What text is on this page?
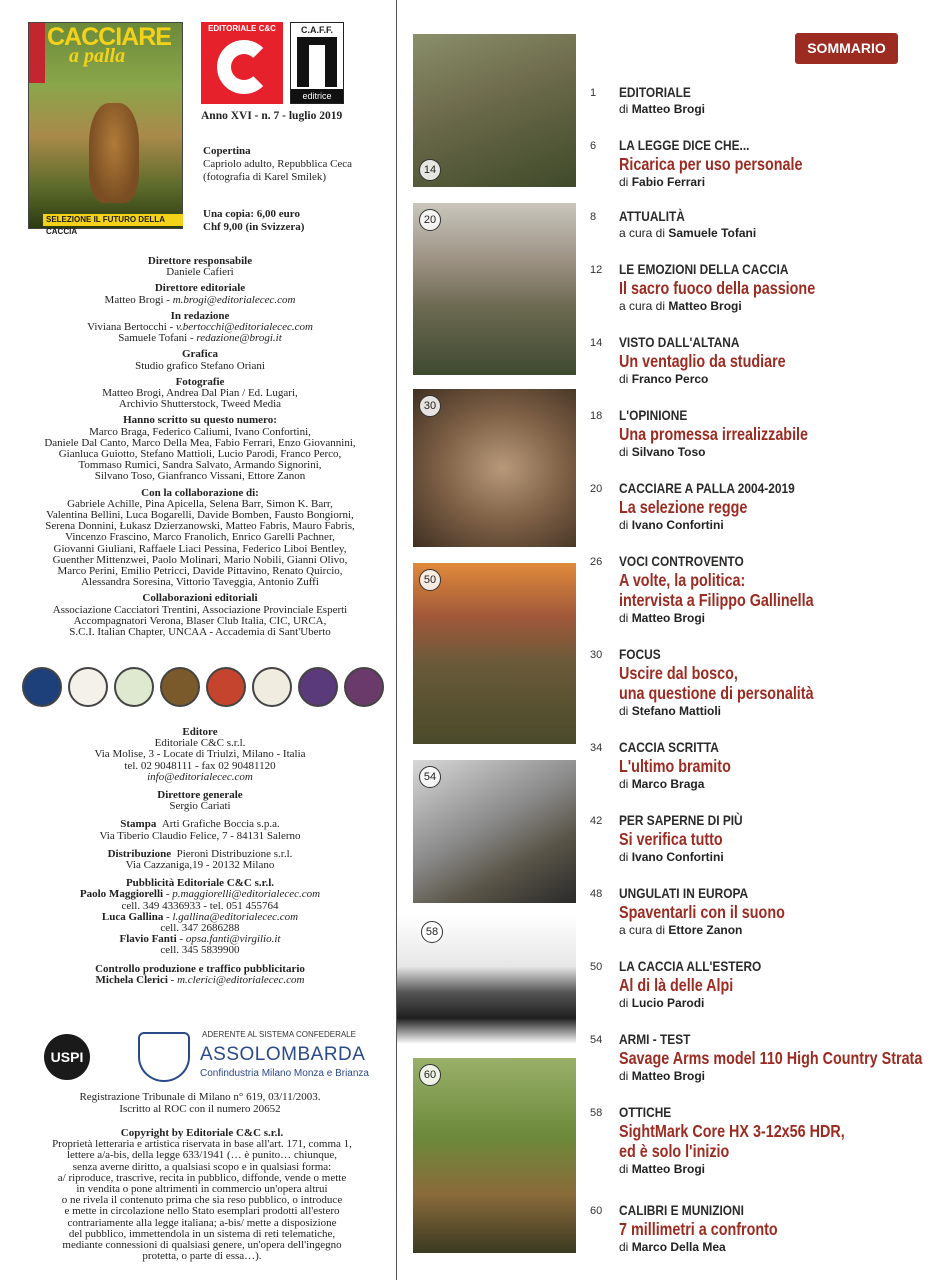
CACCIARE
a palla
SELEZIONE IL FUTURO DELLA CACCIA
EDITORIALE C&C	C.A.F.F.
editrice
Anno XVI - n. 7 - luglio 2019
Copertina
Capriolo adulto, Repubblica Ceca
(fotografia di Karel Smilek)
Una copia: 6,00 euro
Chf 9,00 (in Svizzera)
Direttore responsabile
Daniele Cafieri
Direttore editoriale
Matteo Brogi - m.brogi@editorialecec.com
In redazione
Viviana Bertocchi - v.bertocchi@editorialecec.com
Samuele Tofani - redazione@brogi.it
Grafica
Studio grafico Stefano Oriani
Fotografie
Matteo Brogi, Andrea Dal Pian / Ed. Lugari,
Archivio Shutterstock, Tweed Media
Hanno scritto su questo numero:
Marco Braga, Federico Caliumi, Ivano Confortini,
Daniele Dal Canto, Marco Della Mea, Fabio Ferrari, Enzo Giovannini,
Gianluca Guiotto, Stefano Mattioli, Lucio Parodi, Franco Perco,
Tommaso Rumici, Sandra Salvato, Armando Signorini,
Silvano Toso, Gianfranco Vissani, Ettore Zanon
Con la collaborazione di:
Gabriele Achille, Pina Apicella, Selena Barr, Simon K. Barr,
Valentina Bellini, Luca Bogarelli, Davide Bomben, Fausto Bongiorni,
Serena Donnini, Łukasz Dzierzanowski, Matteo Fabris, Mauro Fabris,
Vincenzo Frascino, Marco Franolich, Enrico Garelli Pachner,
Giovanni Giuliani, Raffaele Liaci Pessina, Federico Liboi Bentley,
Guenther Mittenzwei, Paolo Molinari, Mario Nobili, Gianni Olivo,
Marco Perini, Emilio Petricci, Davide Pittavino, Renato Quircio,
Alessandra Soresina, Vittorio Taveggia, Antonio Zuffi
Collaborazioni editoriali
Associazione Cacciatori Trentini, Associazione Provinciale Esperti
Accompagnatori Verona, Blaser Club Italia, CIC, URCA,
S.C.I. Italian Chapter, UNCAA - Accademia di Sant'Uberto
Editore
Editoriale C&C s.r.l.
Via Molise, 3 - Locate di Triulzi, Milano - Italia
tel. 02 9048111 - fax 02 90481120
info@editorialecec.com
Direttore generale
Sergio Cariati
Stampa Arti Grafiche Boccia s.p.a.
Via Tiberio Claudio Felice, 7 - 84131 Salerno
Distribuzione Pieroni Distribuzione s.r.l.
Via Cazzaniga,19 - 20132 Milano
Pubblicità Editoriale C&C s.r.l.
Paolo Maggiorelli - p.maggiorelli@editorialecec.com
cell. 349 4336933 - tel. 051 455764
Luca Gallina - l.gallina@editorialecec.com
cell. 347 2686288
Flavio Fanti - opsa.fanti@virgilio.it
cell. 345 5839900
Controllo produzione e traffico pubblicitario
Michela Clerici - m.clerici@editorialecec.com
USPI
ADERENTE AL SISTEMA CONFEDERALE
ASSOLOMBARDA
Confindustria Milano Monza e Brianza
Registrazione Tribunale di Milano n° 619, 03/11/2003.
Iscritto al ROC con il numero 20652
Copyright by Editoriale C&C s.r.l.
Proprietà letteraria e artistica riservata in base all'art. 171, comma 1,
lettere a/a-bis, della legge 633/1941 (… è punito… chiunque,
senza averne diritto, a qualsiasi scopo e in qualsiasi forma:
a/ riproduce, trascrive, recita in pubblico, diffonde, vende o mette
in vendita o pone altrimenti in commercio un'opera altrui
o ne rivela il contenuto prima che sia reso pubblico, o introduce
e mette in circolazione nello Stato esemplari prodotti all'estero
contrariamente alla legge italiana; a-bis/ mette a disposizione
del pubblico, immettendola in un sistema di reti telematiche,
mediante connessioni di qualsiasi genere, un'opera dell'ingegno
protetta, o parte di essa…).
14
20
30
50
54
58
60
SOMMARIO
1	EDITORIALE
di Matteo Brogi
6	LA LEGGE DICE CHE...
Ricarica per uso personale
di Fabio Ferrari
8	ATTUALITÀ
a cura di Samuele Tofani
12	LE EMOZIONI DELLA CACCIA
Il sacro fuoco della passione
a cura di Matteo Brogi
14	VISTO DALL'ALTANA
Un ventaglio da studiare
di Franco Perco
18	L'OPINIONE
Una promessa irrealizzabile
di Silvano Toso
20	CACCIARE A PALLA 2004-2019
La selezione regge
di Ivano Confortini
26	VOCI CONTROVENTO
A volte, la politica:
intervista a Filippo Gallinella
di Matteo Brogi
30	FOCUS
Uscire dal bosco,
una questione di personalità
di Stefano Mattioli
34	CACCIA SCRITTA
L'ultimo bramito
di Marco Braga
42	PER SAPERNE DI PIÙ
Si verifica tutto
di Ivano Confortini
48	UNGULATI IN EUROPA
Spaventarli con il suono
a cura di Ettore Zanon
50	LA CACCIA ALL'ESTERO
Al di là delle Alpi
di Lucio Parodi
54	ARMI - TEST
Savage Arms model 110 High Country Strata
di Matteo Brogi
58	OTTICHE
SightMark Core HX 3-12x56 HDR,
ed è solo l'inizio
di Matteo Brogi
60	CALIBRI E MUNIZIONI
7 millimetri a confronto
di Marco Della Mea
